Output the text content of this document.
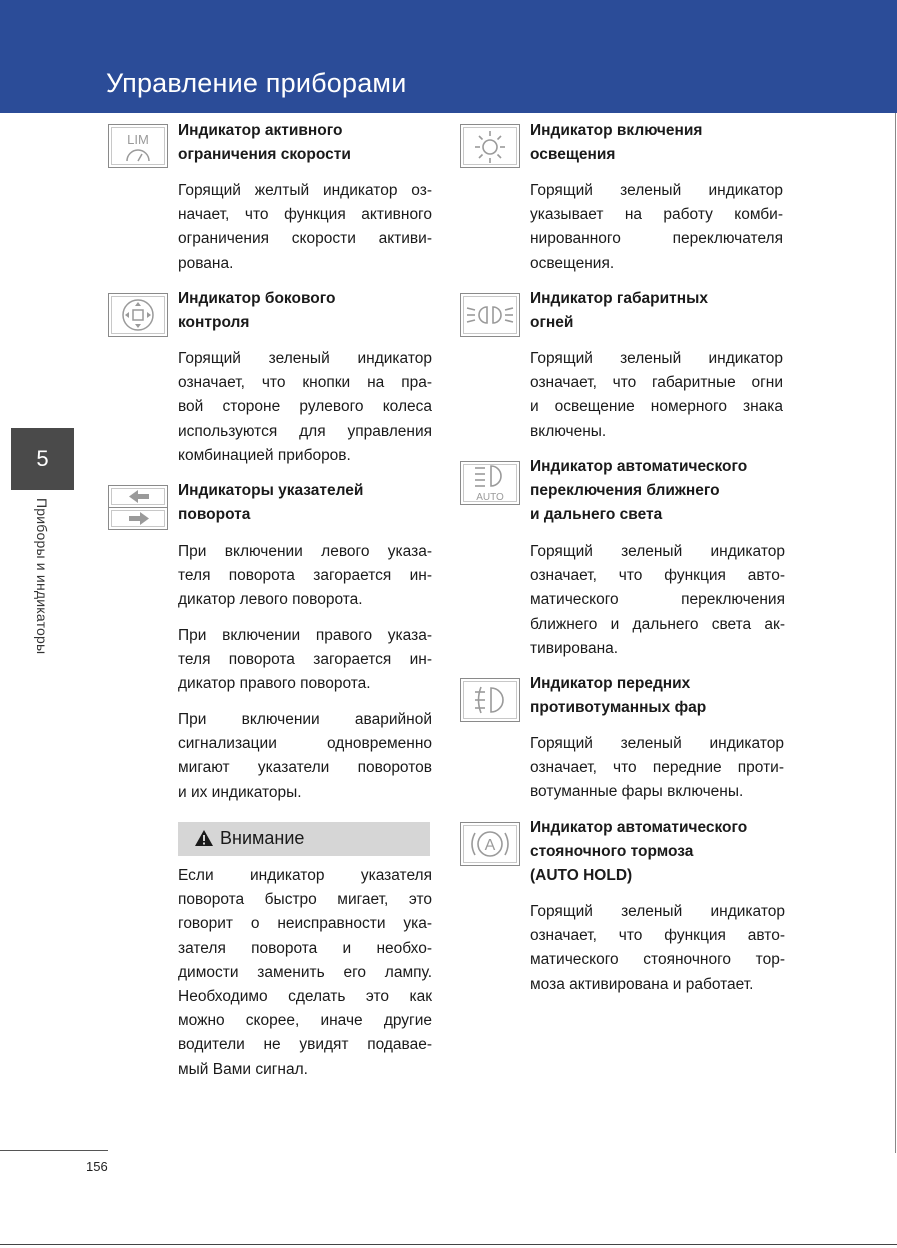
Управление приборами
5
Приборы и индикаторы
LIM
Индикатор активного
ограничения скорости
Горящий желтый индикатор оз-
начает, что функция активного
ограничения скорости активи-
рована.
Индикатор бокового
контроля
Горящий зеленый индикатор
означает, что кнопки на пра-
вой стороне рулевого колеса
используются для управления
комбинацией приборов.
Индикаторы указателей
поворота
При включении левого указа-
теля поворота загорается ин-
дикатор левого поворота.
При включении правого указа-
теля поворота загорается ин-
дикатор правого поворота.
При включении аварийной
сигнализации одновременно
мигают указатели поворотов
и их индикаторы.
Внимание
Если индикатор указателя
поворота быстро мигает, это
говорит о неисправности ука-
зателя поворота и необхо-
димости заменить его лампу.
Необходимо сделать это как
можно скорее, иначе другие
водители не увидят подавае-
мый Вами сигнал.
Индикатор включения
освещения
Горящий зеленый индикатор
указывает на работу комби-
нированного переключателя
освещения.
Индикатор габаритных
огней
Горящий зеленый индикатор
означает, что габаритные огни
и освещение номерного знака
включены.
AUTO
Индикатор автоматического
переключения ближнего
и дальнего света
Горящий зеленый индикатор
означает, что функция авто-
матического переключения
ближнего и дальнего света ак-
тивирована.
Индикатор передних
противотуманных фар
Горящий зеленый индикатор
означает, что передние проти-
вотуманные фары включены.
A
Индикатор автоматического
стояночного тормоза
(AUTO HOLD)
Горящий зеленый индикатор
означает, что функция авто-
матического стояночного тор-
моза активирована и работает.
156
